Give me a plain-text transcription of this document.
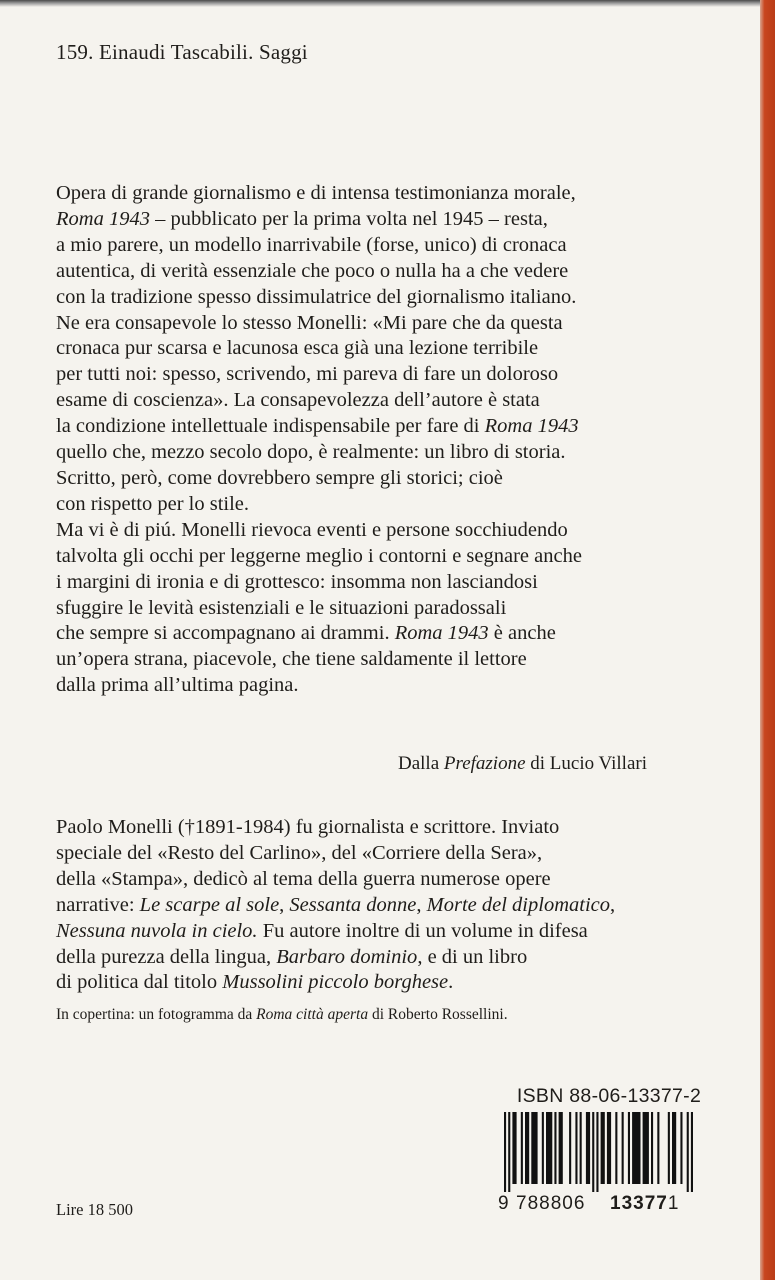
159. Einaudi Tascabili. Saggi
Opera di grande giornalismo e di intensa testimonianza morale,
Roma 1943 – pubblicato per la prima volta nel 1945 – resta,
a mio parere, un modello inarrivabile (forse, unico) di cronaca
autentica, di verità essenziale che poco o nulla ha a che vedere
con la tradizione spesso dissimulatrice del giornalismo italiano.
Ne era consapevole lo stesso Monelli: «Mi pare che da questa
cronaca pur scarsa e lacunosa esca già una lezione terribile
per tutti noi: spesso, scrivendo, mi pareva di fare un doloroso
esame di coscienza». La consapevolezza dell’autore è stata
la condizione intellettuale indispensabile per fare di Roma 1943
quello che, mezzo secolo dopo, è realmente: un libro di storia.
Scritto, però, come dovrebbero sempre gli storici; cioè
con rispetto per lo stile.
Ma vi è di piú. Monelli rievoca eventi e persone socchiudendo
talvolta gli occhi per leggerne meglio i contorni e segnare anche
i margini di ironia e di grottesco: insomma non lasciandosi
sfuggire le levità esistenziali e le situazioni paradossali
che sempre si accompagnano ai drammi. Roma 1943 è anche
un’opera strana, piacevole, che tiene saldamente il lettore
dalla prima all’ultima pagina.
Dalla Prefazione di Lucio Villari
Paolo Monelli (†1891-1984) fu giornalista e scrittore. Inviato
speciale del «Resto del Carlino», del «Corriere della Sera»,
della «Stampa», dedicò al tema della guerra numerose opere
narrative: Le scarpe al sole, Sessanta donne, Morte del diplomatico,
Nessuna nuvola in cielo. Fu autore inoltre di un volume in difesa
della purezza della lingua, Barbaro dominio, e di un libro
di politica dal titolo Mussolini piccolo borghese.
In copertina: un fotogramma da Roma città aperta di Roberto Rossellini.
Lire 18 500
ISBN 88-06-13377-2
9 788806 133771
